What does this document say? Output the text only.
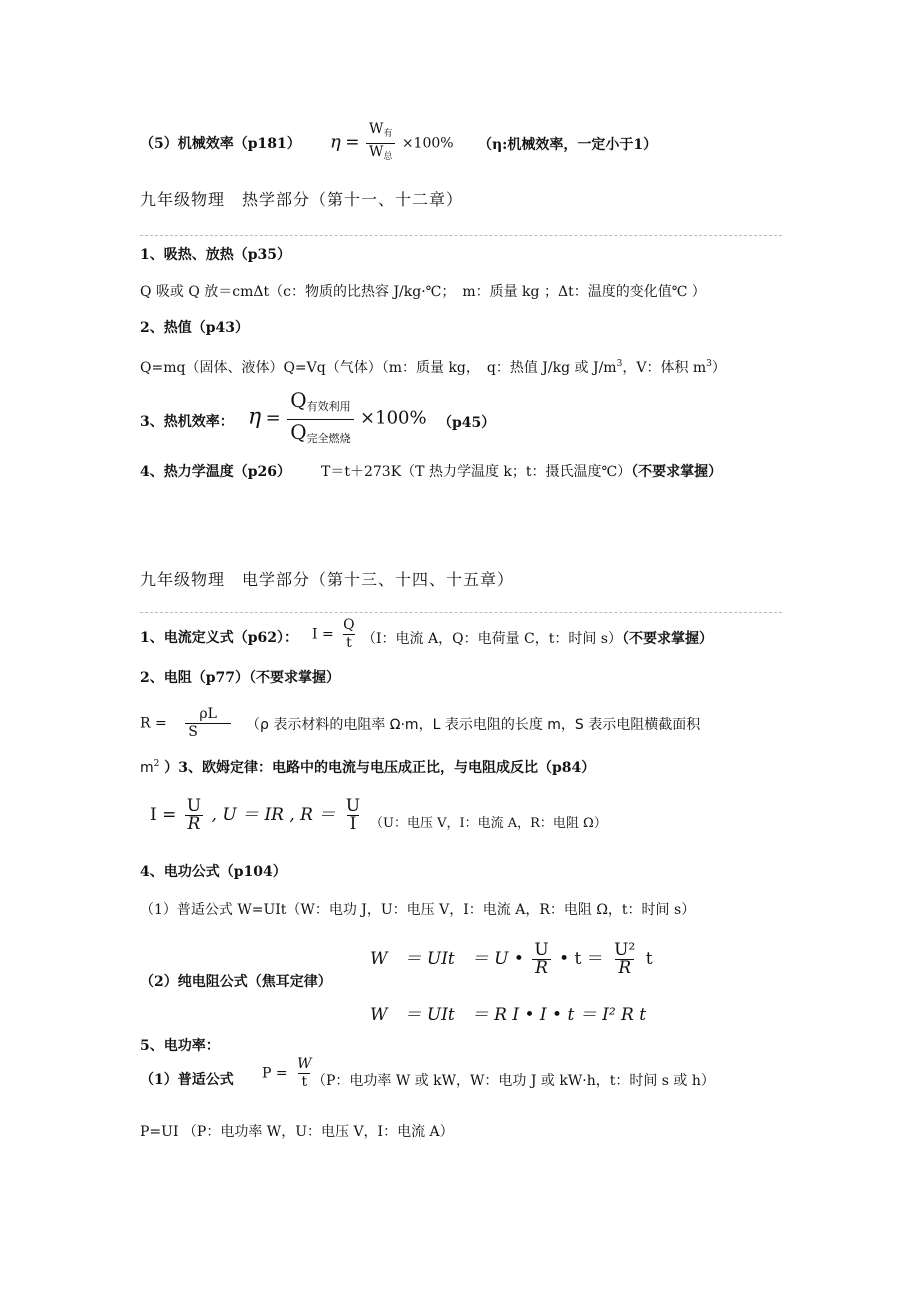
（5）机械效率（p181） $\eta = \frac{W_有}{W_总} \times 100\%$ （η:机械效率，一定小于1）
九年级物理　热学部分（第十一、十二章）
1、吸热、放热（p35）
Q 吸或 Q 放＝cmΔt（c：物质的比热容 J/kg·℃；　m：质量 kg ；Δt：温度的变化值℃ ）
2、热值（p43）
Q=mq（固体、液体）Q=Vq（气体）（m：质量 kg，　q：热值 J/kg 或 $J/m^3$，V：体积 $m^3$）
3、热机效率： $\eta = \frac{Q_{有效利用}}{Q_{完全燃烧}} \times 100\%$ （p45）
4、热力学温度（p26） T＝t＋273K（T 热力学温度 k；t：摄氏温度℃）（不要求掌握）
九年级物理　电学部分（第十三、十四、十五章）
1、电流定义式（p62）： $I = \frac{Q}{t} (I$：电流 A，Q：电荷量 C，t：时间 s）（不要求掌握）
2、电阻（p77）（不要求掌握）
$R = \frac{\rho L}{S} (\rho$ 表示材料的电阻率 Ω·m，L 表示电阻的长度 m，S 表示电阻横截面积
$m^2$ ）3、欧姆定律：电路中的电流与电压成正比，与电阻成反比（p84）
$I = \frac{U}{R}$ , U ＝ IR , $R = \frac{U}{I} (U$：电压 V，I：电流 A，R：电阻 Ω）
4、电功公式（p104）
（1）普适公式 W=UIt（W：电功 J，U：电压 V，I：电流 A，R：电阻 Ω，t：时间 s）
（2）纯电阻公式（焦耳定律）
W　＝ UIt　＝ U • $\frac{U}{R}$ • $t = \frac{\text{U²}}{R}$ t
W　＝ UIt　＝ R I • I • t ＝ I² R t
5、电功率：
（1）普适公式 $P = \frac{W}{t}$
（P：电功率 W 或 kW，W：电功 J 或 kW·h，t：时间 s 或 h）
P=UI （P：电功率 W，U：电压 V，I：电流 A）
